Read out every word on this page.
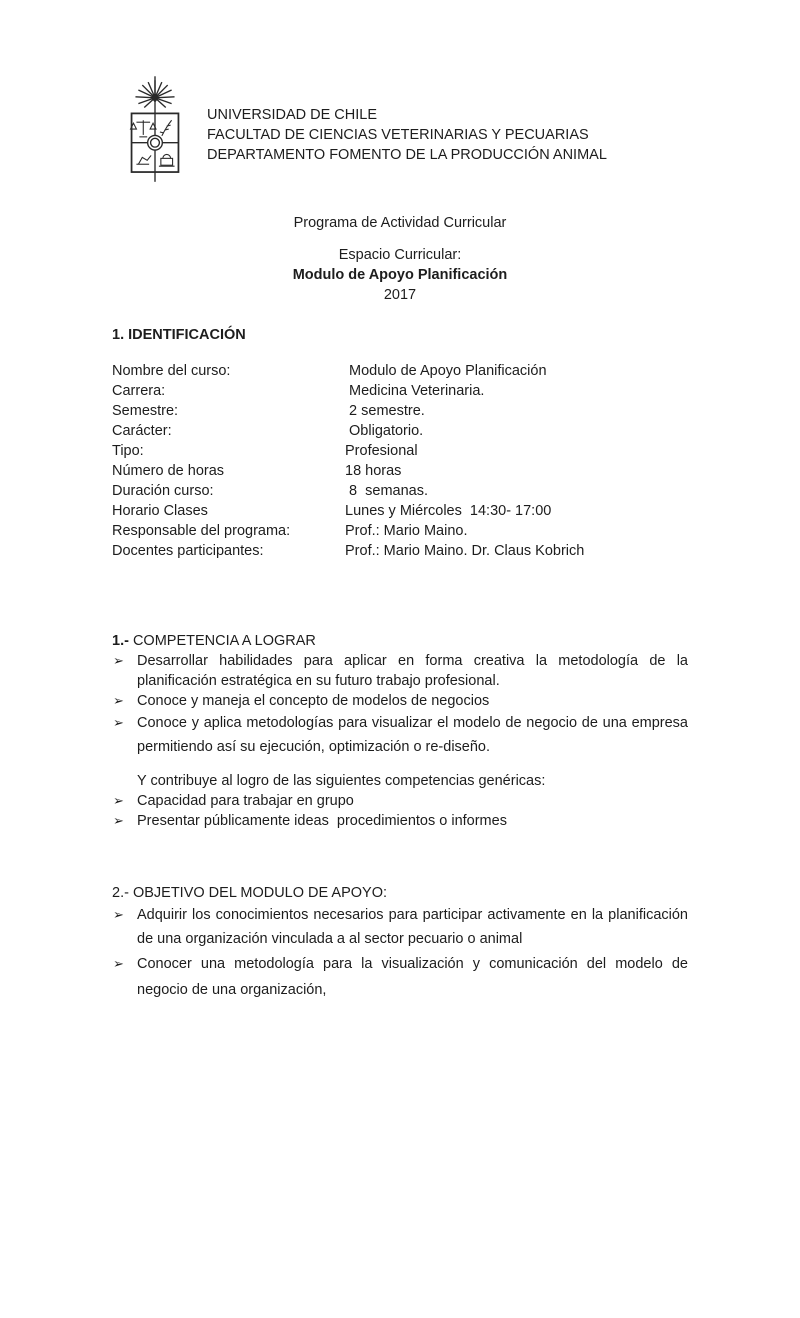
UNIVERSIDAD DE CHILE
FACULTAD DE CIENCIAS VETERINARIAS Y PECUARIAS
DEPARTAMENTO FOMENTO DE LA PRODUCCIÓN ANIMAL
Programa de Actividad Curricular
Espacio Curricular:
Modulo de Apoyo Planificación
2017
1. IDENTIFICACIÓN
Nombre del curso:	Modulo de Apoyo Planificación
Carrera:	Medicina Veterinaria.
Semestre:	2 semestre.
Carácter:	Obligatorio.
Tipo:	Profesional
Número de horas	18 horas
Duración curso:	8  semanas.
Horario Clases	Lunes y Miércoles  14:30- 17:00
Responsable del programa:	Prof.: Mario Maino.
Docentes participantes:	Prof.: Mario Maino. Dr. Claus Kobrich
1.- COMPETENCIA A LOGRAR
➢ Desarrollar habilidades para aplicar en forma creativa la metodología de la planificación estratégica en su futuro trabajo profesional.
➢ Conoce y maneja el concepto de modelos de negocios
➢ Conoce y aplica metodologías para visualizar el modelo de negocio de una empresa permitiendo así su ejecución, optimización o re-diseño.
Y contribuye al logro de las siguientes competencias genéricas:
➢ Capacidad para trabajar en grupo
➢ Presentar públicamente ideas  procedimientos o informes
2.- OBJETIVO DEL MODULO DE APOYO:
➢ Adquirir los conocimientos necesarios para participar activamente en la planificación de una organización vinculada a al sector pecuario o animal
➢ Conocer una metodología para la visualización y comunicación del modelo de negocio de una organización,
